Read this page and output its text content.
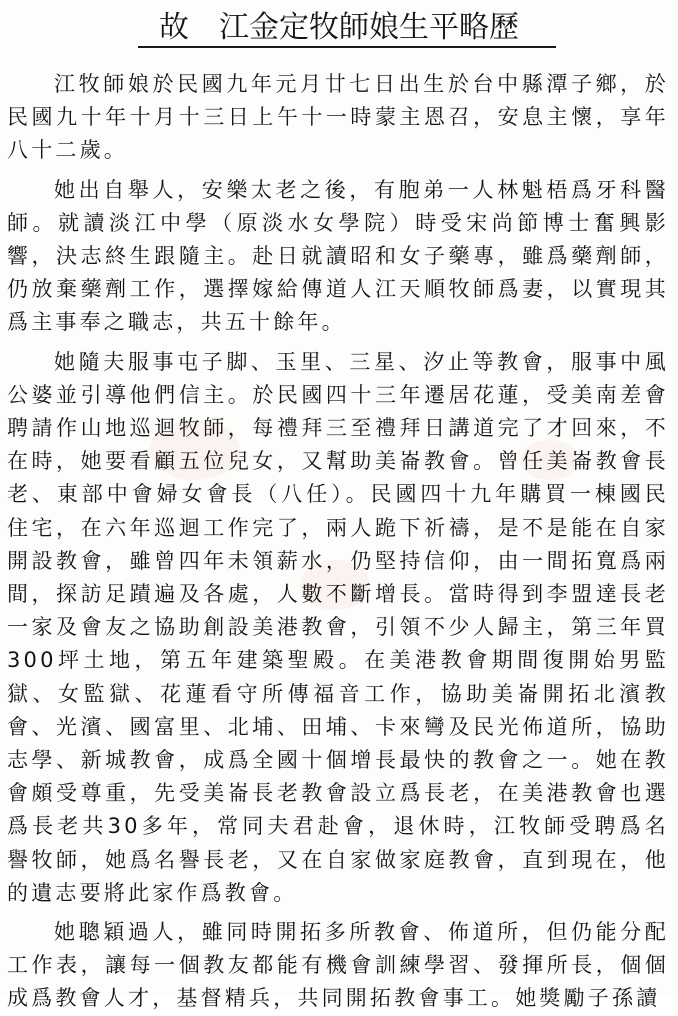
故　江金定牧師娘生平略歷

江牧師娘於民國九年元月廿七日出生於台中縣潭子鄉，於民國九十年十月十三日上午十一時蒙主恩召，安息主懷，享年八十二歲。

她出自舉人，安樂太老之後，有胞弟一人林魁梧爲牙科醫師。就讀淡江中學（原淡水女學院）時受宋尚節博士奮興影響，決志終生跟隨主。赴日就讀昭和女子藥專，雖爲藥劑師，仍放棄藥劑工作，選擇嫁給傳道人江天順牧師爲妻，以實現其爲主事奉之職志，共五十餘年。

她隨夫服事屯子脚、玉里、三星、汐止等教會，服事中風公婆並引導他們信主。於民國四十三年遷居花蓮，受美南差會聘請作山地巡迴牧師，每禮拜三至禮拜日講道完了才回來，不在時，她要看顧五位兒女，又幫助美崙教會。曾任美崙教會長老、東部中會婦女會長（八任）。民國四十九年購買一棟國民住宅，在六年巡迴工作完了，兩人跪下祈禱，是不是能在自家開設教會，雖曾四年未領薪水，仍堅持信仰，由一間拓寬爲兩間，探訪足蹟遍及各處，人數不斷增長。當時得到李盟達長老一家及會友之協助創設美港教會，引領不少人歸主，第三年買300坪土地，第五年建築聖殿。在美港教會期間復開始男監獄、女監獄、花蓮看守所傳福音工作，協助美崙開拓北濱教會、光濱、國富里、北埔、田埔、卡來彎及民光佈道所，協助志學、新城教會，成爲全國十個增長最快的教會之一。她在教會頗受尊重，先受美崙長老教會設立爲長老，在美港教會也選爲長老共30多年，常同夫君赴會，退休時，江牧師受聘爲名譽牧師，她爲名譽長老，又在自家做家庭教會，直到現在，他的遺志要將此家作爲教會。

她聰穎過人，雖同時開拓多所教會、佈道所，但仍能分配工作表，讓每一個教友都能有機會訓練學習、發揮所長，個個成爲教會人才，基督精兵，共同開拓教會事工。她獎勵子孫讀
